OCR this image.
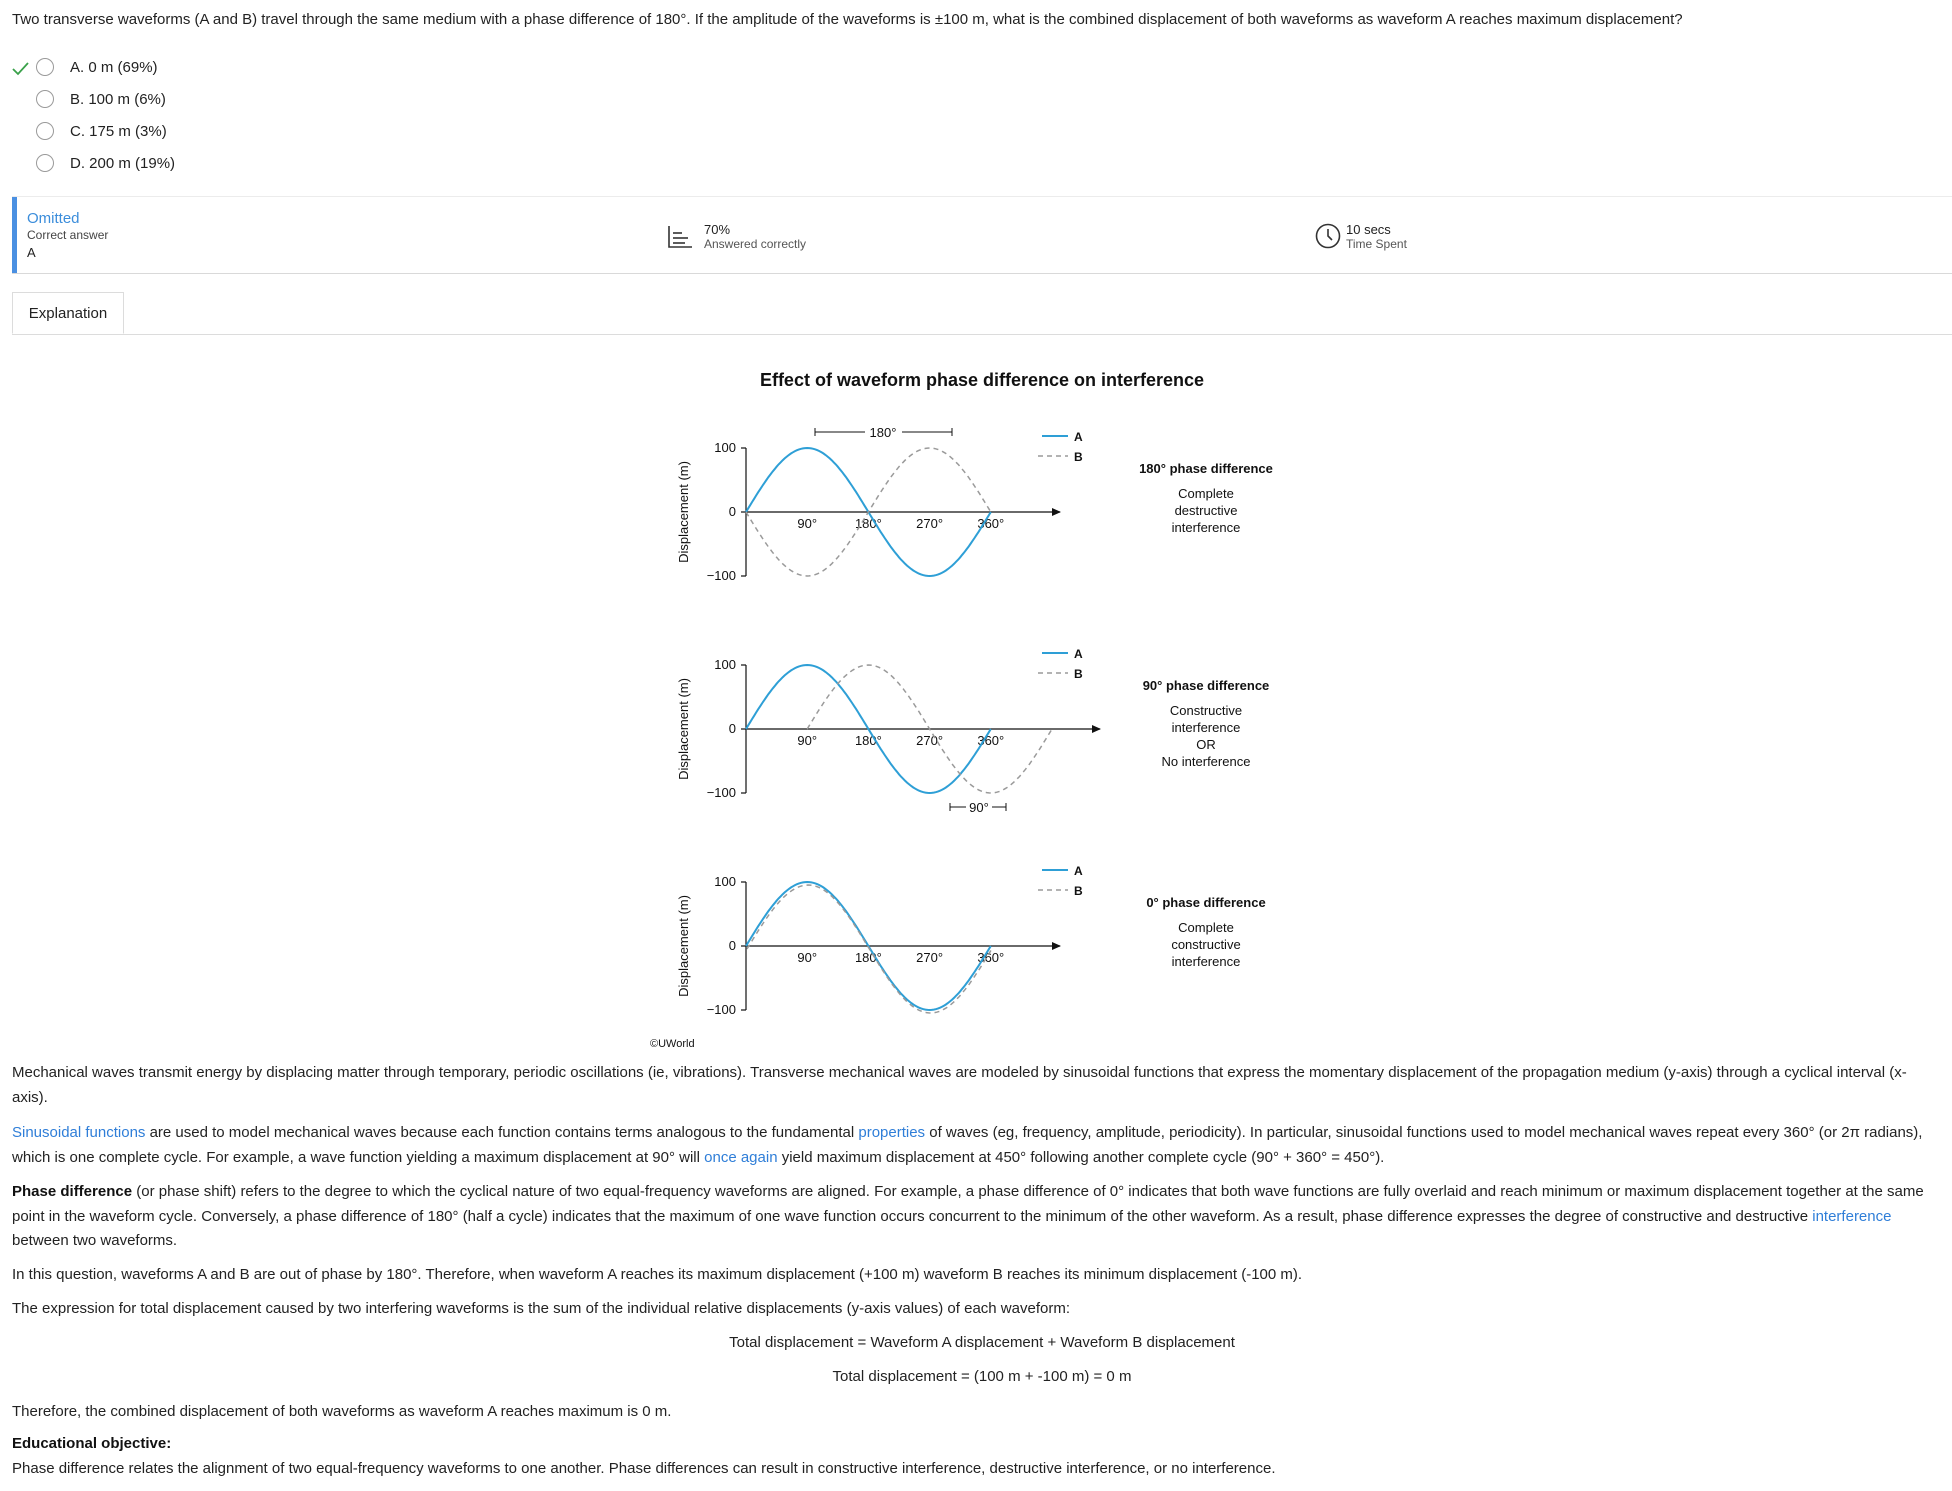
Two transverse waveforms (A and B) travel through the same medium with a phase difference of 180°. If the amplitude of the waveforms is ±100 m, what is the combined displacement of both waveforms as waveform A reaches maximum displacement?
A. 0 m (69%)
B. 100 m (6%)
C. 175 m (3%)
D. 200 m (19%)
Omitted
Correct answer
A
70%
Answered correctly
10 secs
Time Spent
Explanation
Effect of waveform phase difference on interference
100
0
−100
Displacement (m)	90°	180°	270°	360°
A
B
180°
180° phase difference
Complete
destructive
interference
100
0
−100
Displacement (m)	90°	180°	270°	360°
A
B
90°
90° phase difference
Constructive
interference
OR
No interference
100
0
−100
Displacement (m)	90°	180°	270°	360°
A
B
0° phase difference
Complete
constructive
interference
©UWorld

Mechanical waves transmit energy by displacing matter through temporary, periodic oscillations (ie, vibrations). Transverse mechanical waves are modeled by sinusoidal functions that express the momentary displacement of the propagation medium (y-axis) through a cyclical interval (x-axis).

Sinusoidal functions are used to model mechanical waves because each function contains terms analogous to the fundamental properties of waves (eg, frequency, amplitude, periodicity). In particular, sinusoidal functions used to model mechanical waves repeat every 360° (or 2π radians), which is one complete cycle. For example, a wave function yielding a maximum displacement at 90° will once again yield maximum displacement at 450° following another complete cycle (90° + 360° = 450°).

Phase difference (or phase shift) refers to the degree to which the cyclical nature of two equal-frequency waveforms are aligned. For example, a phase difference of 0° indicates that both wave functions are fully overlaid and reach minimum or maximum displacement together at the same point in the waveform cycle. Conversely, a phase difference of 180° (half a cycle) indicates that the maximum of one wave function occurs concurrent to the minimum of the other waveform. As a result, phase difference expresses the degree of constructive and destructive interference between two waveforms.

In this question, waveforms A and B are out of phase by 180°. Therefore, when waveform A reaches its maximum displacement (+100 m) waveform B reaches its minimum displacement (-100 m).

The expression for total displacement caused by two interfering waveforms is the sum of the individual relative displacements (y-axis values) of each waveform:

Total displacement = Waveform A displacement + Waveform B displacement

Total displacement = (100 m + -100 m) = 0 m

Therefore, the combined displacement of both waveforms as waveform A reaches maximum is 0 m.

Educational objective:

Phase difference relates the alignment of two equal-frequency waveforms to one another. Phase differences can result in constructive interference, destructive interference, or no interference.
